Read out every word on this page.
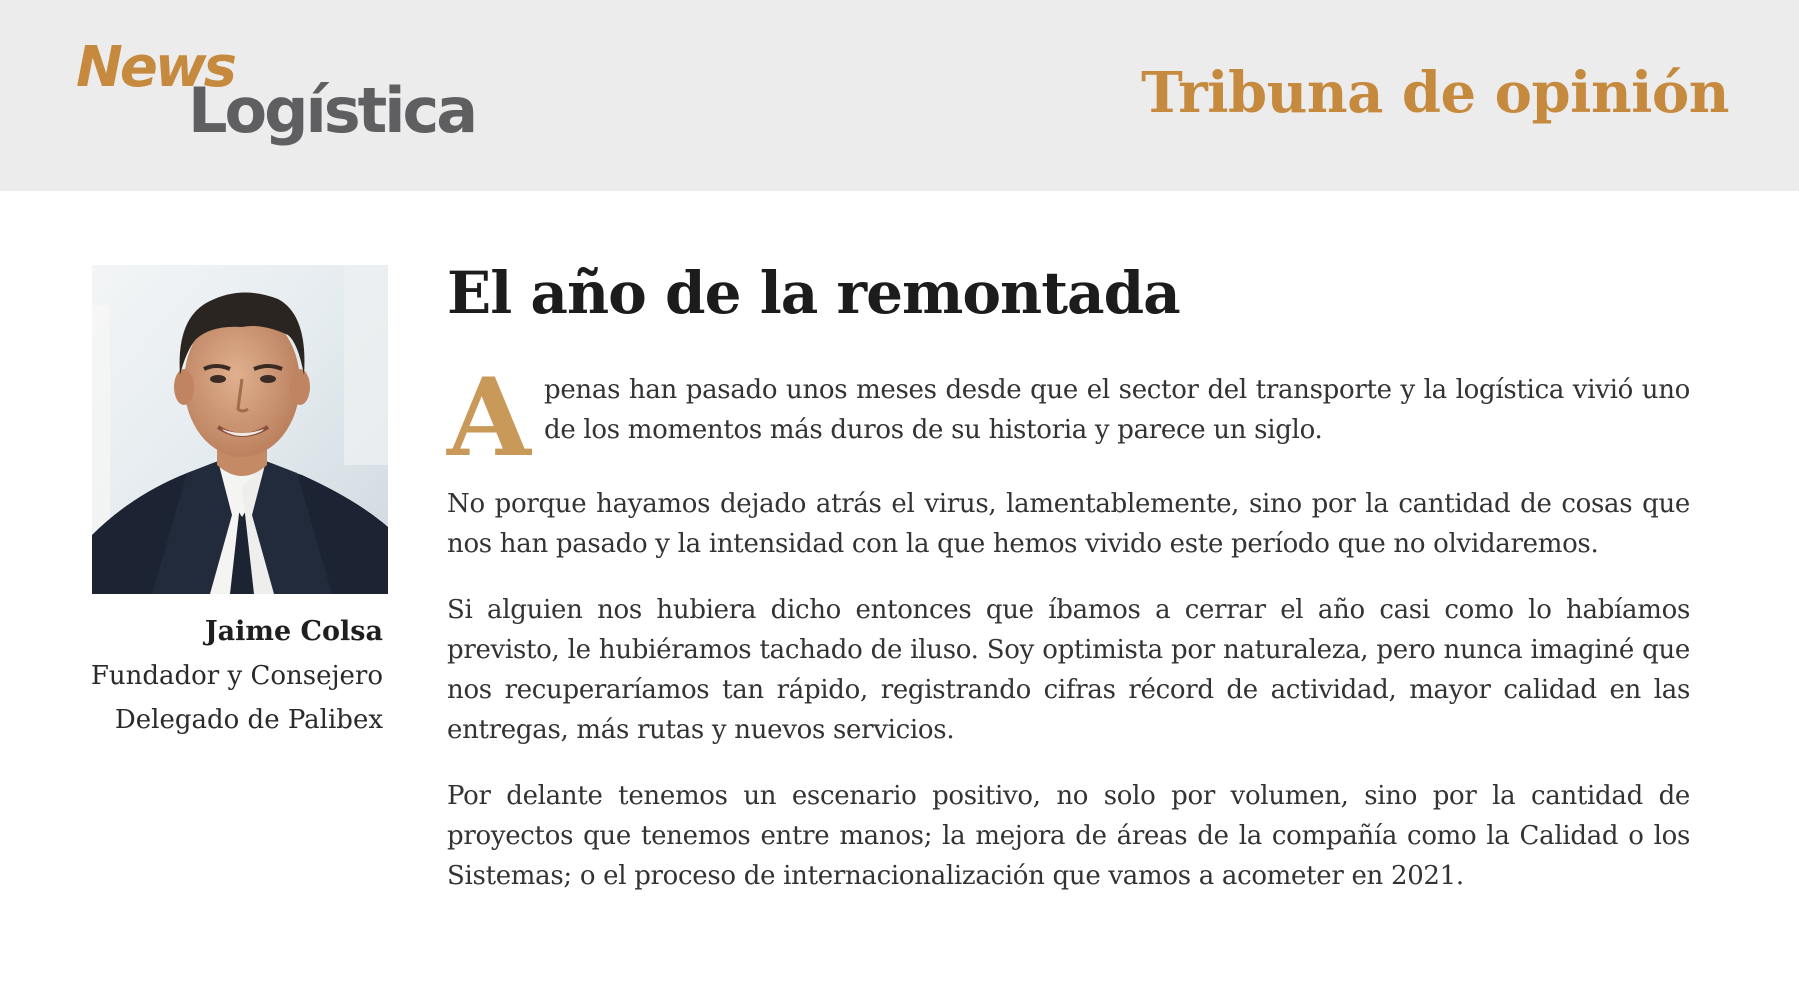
News
Logística	Tribuna de opinión
Jaime Colsa
Fundador y Consejero
Delegado de Palibex
El año de la remontada
A penas han pasado unos meses desde que el sector del transporte y la logística vivió uno de los momentos más duros de su historia y parece un siglo.

No porque hayamos dejado atrás el virus, lamentablemente, sino por la cantidad de cosas que nos han pasado y la intensidad con la que hemos vivido este período que no olvidaremos.

Si alguien nos hubiera dicho entonces que íbamos a cerrar el año casi como lo habíamos previsto, le hubiéramos tachado de iluso. Soy optimista por naturaleza, pero nunca imaginé que nos recuperaríamos tan rápido, registrando cifras récord de actividad, mayor calidad en las entregas, más rutas y nuevos servicios.

Por delante tenemos un escenario positivo, no solo por volumen, sino por la cantidad de proyectos que tenemos entre manos; la mejora de áreas de la compañía como la Calidad o los Sistemas; o el proceso de internacionalización que vamos a acometer en 2021.
